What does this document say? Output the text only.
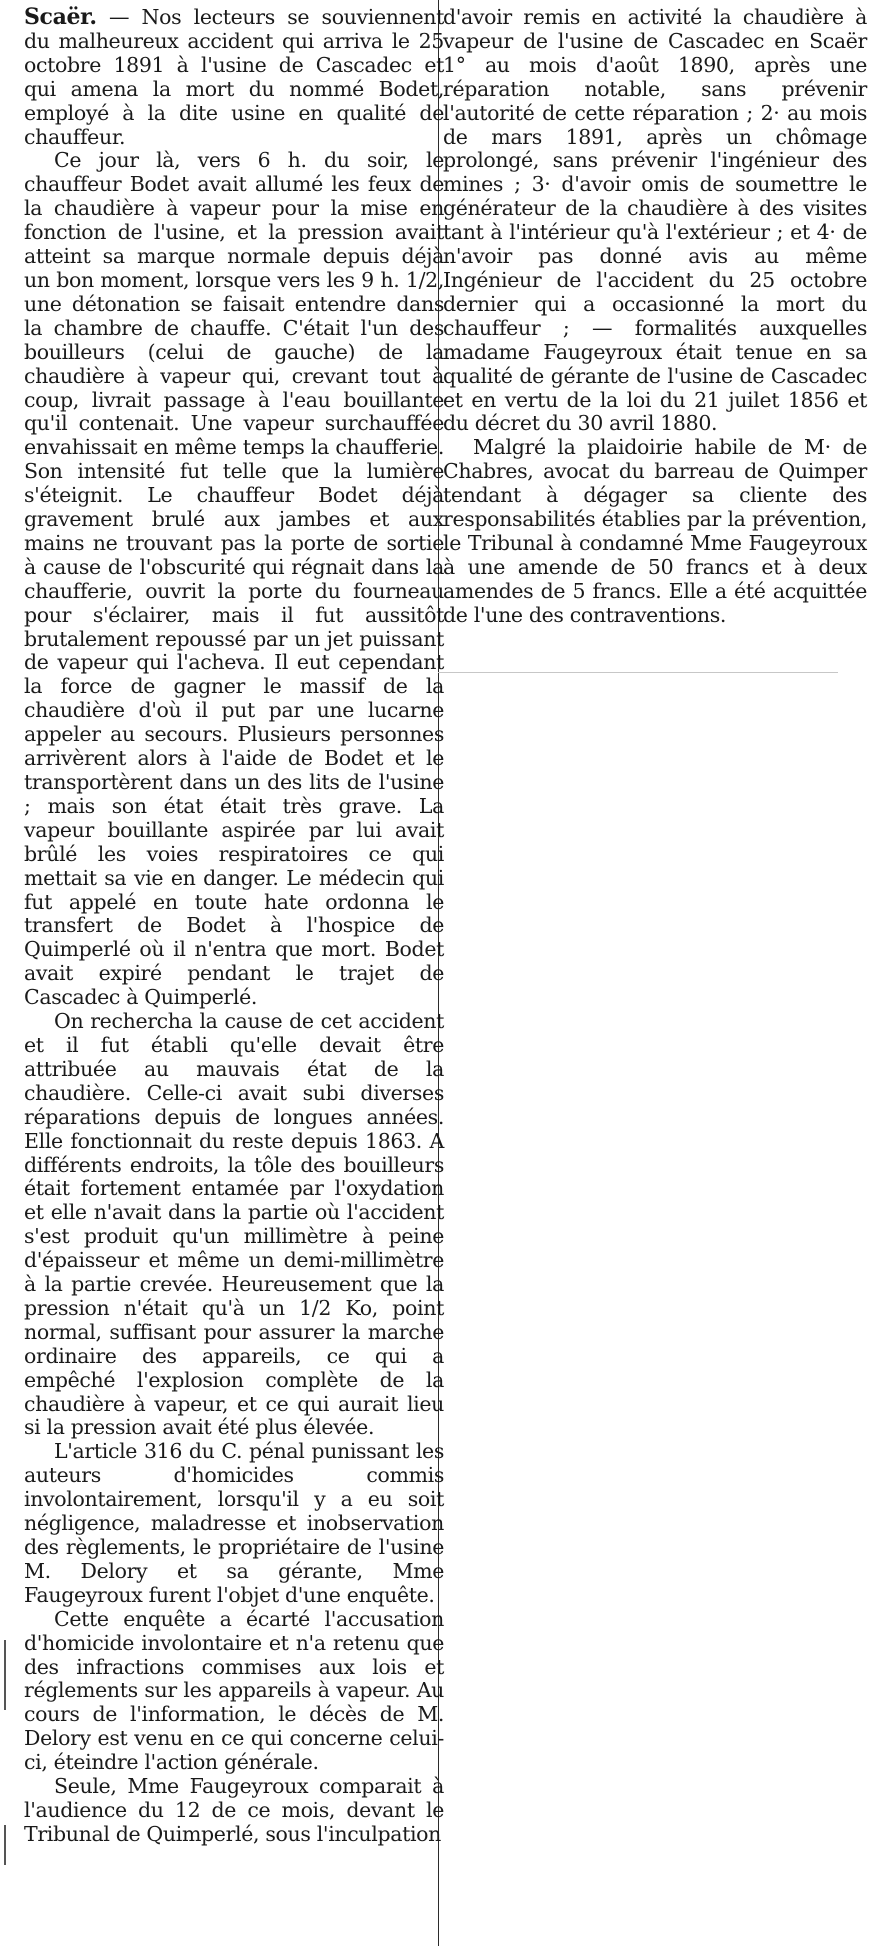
Scaër. — Nos lecteurs se souviennent du malheureux accident qui arriva le 25 octobre 1891 à l'usine de Cascadec et qui amena la mort du nommé Bodet, employé à la dite usine en qualité de chauffeur.

Ce jour là, vers 6 h. du soir, le chauffeur Bodet avait allumé les feux de la chaudière à vapeur pour la mise en fonction de l'usine, et la pression avait atteint sa marque normale depuis déjà un bon moment, lorsque vers les 9 h. 1/2, une détonation se faisait entendre dans la chambre de chauffe. C'était l'un des bouilleurs (celui de gauche) de la chaudière à vapeur qui, crevant tout à coup, livrait passage à l'eau bouillante qu'il contenait. Une vapeur surchauffée envahissait en même temps la chaufferie. Son intensité fut telle que la lumière s'éteignit. Le chauffeur Bodet déjà gravement brulé aux jambes et aux mains ne trouvant pas la porte de sortie à cause de l'obscurité qui régnait dans la chaufferie, ouvrit la porte du fourneau pour s'éclairer, mais il fut aussitôt brutalement repoussé par un jet puissant de vapeur qui l'acheva. Il eut cependant la force de gagner le massif de la chaudière d'où il put par une lucarne appeler au secours. Plusieurs personnes arrivèrent alors à l'aide de Bodet et le transportèrent dans un des lits de l'usine ; mais son état était très grave. La vapeur bouillante aspirée par lui avait brûlé les voies respiratoires ce qui mettait sa vie en danger. Le médecin qui fut appelé en toute hate ordonna le transfert de Bodet à l'hospice de Quimperlé où il n'entra que mort. Bodet avait expiré pendant le trajet de Cascadec à Quimperlé.

On recherchа la cause de cet accident et il fut établi qu'elle devait être attribuée au mauvais état de la chaudière. Celle-ci avait subi diverses réparations depuis de longues années. Elle fonctionnait du reste depuis 1863. A différents endroits, la tôle des bouilleurs était fortement entamée par l'oxydation et elle n'avait dans la partie où l'accident s'est produit qu'un millimètre à peine d'épaisseur et même un demi-millimètre à la partie crevée. Heureusement que la pression n'était qu'à un 1/2 Ko, point normal, suffisant pour assurer la marche ordinaire des appareils, ce qui a empêché l'explosion complète de la chaudière à vapeur, et ce qui aurait lieu si la pression avait été plus élevée.

L'article 316 du C. pénal punissant les auteurs d'homicides commis involontairement, lorsqu'il y a eu soit négligence, maladresse et inobservation des règlements, le propriétaire de l'usine M. Delory et sa gérante, Mme Faugeyroux furent l'objet d'une enquête.

Cette enquête a écarté l'accusation d'homicide involontaire et n'a retenu que des infractions commises aux lois et réglements sur les appareils à vapeur. Au cours de l'information, le décès de M. Delory est venu en ce qui concerne celui-ci, éteindre l'action générale.

Seule, Mme Faugeyroux comparait à l'audience du 12 de ce mois, devant le Tribunal de Quimperlé, sous l'inculpation

d'avoir remis en activité la chaudière à vapeur de l'usine de Cascadec en Scaër 1° au mois d'août 1890, après une réparation notable, sans prévenir l'autorité de cette réparation ; 2· au mois de mars 1891, après un chômage prolongé, sans prévenir l'ingénieur des mines ; 3· d'avoir omis de soumettre le générateur de la chaudière à des visites tant à l'intérieur qu'à l'extérieur ; et 4· de n'avoir pas donné avis au même Ingénieur de l'accident du 25 octobre dernier qui a occasionné la mort du chauffeur ; — formalités auxquelles madame Faugeyroux était tenue en sa qualité de gérante de l'usine de Cascadec et en vertu de la loi du 21 juilet 1856 et du décret du 30 avril 1880.

Malgré la plaidoirie habile de M· de Chabres, avocat du barreau de Quimper tendant à dégager sa cliente des responsabilités établies par la prévention, le Tribunal à condamné Mme Faugeyroux à une amende de 50 francs et à deux amendes de 5 francs. Elle a été acquittée de l'une des contraventions.
